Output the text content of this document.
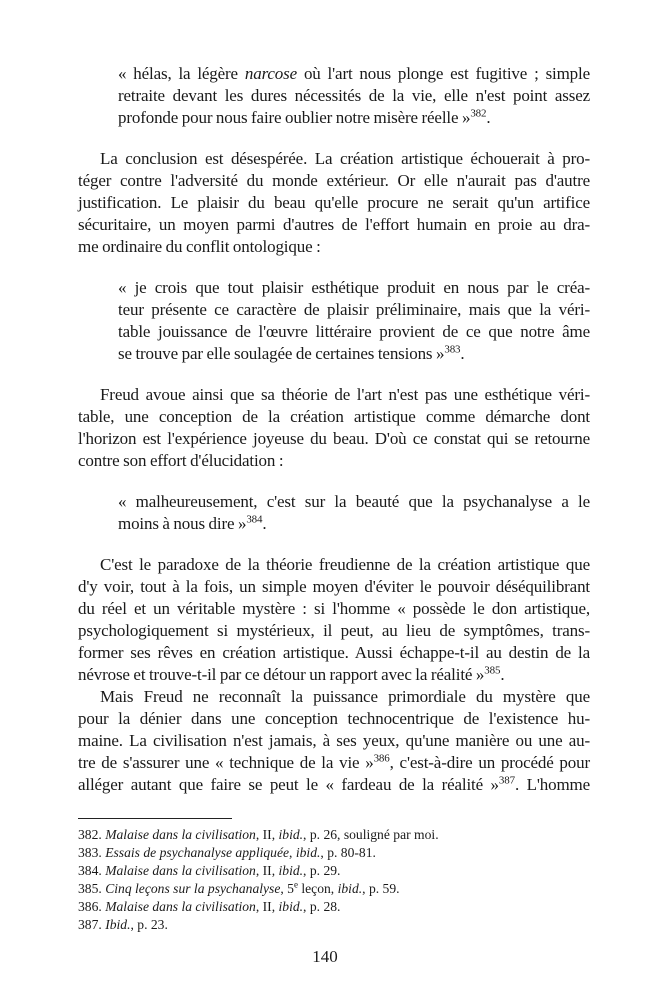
« hélas, la légère narcose où l'art nous plonge est fugitive ; simple
retraite devant les dures nécessités de la vie, elle n'est point assez
profonde pour nous faire oublier notre misère réelle »$^{382}$.
La conclusion est désespérée. La création artistique échouerait à pro-
téger contre l'adversité du monde extérieur. Or elle n'aurait pas d'autre
justification. Le plaisir du beau qu'elle procure ne serait qu'un artifice
sécuritaire, un moyen parmi d'autres de l'effort humain en proie au dra-
me ordinaire du conflit ontologique :
« je crois que tout plaisir esthétique produit en nous par le créa-
teur présente ce caractère de plaisir préliminaire, mais que la véri-
table jouissance de l'œuvre littéraire provient de ce que notre âme
se trouve par elle soulagée de certaines tensions »$^{383}$.
Freud avoue ainsi que sa théorie de l'art n'est pas une esthétique véri-
table, une conception de la création artistique comme démarche dont
l'horizon est l'expérience joyeuse du beau. D'où ce constat qui se retourne
contre son effort d'élucidation :
« malheureusement, c'est sur la beauté que la psychanalyse a le
moins à nous dire »$^{384}$.
C'est le paradoxe de la théorie freudienne de la création artistique que
d'y voir, tout à la fois, un simple moyen d'éviter le pouvoir déséquilibrant
du réel et un véritable mystère : si l'homme « possède le don artistique,
psychologiquement si mystérieux, il peut, au lieu de symptômes, trans-
former ses rêves en création artistique. Aussi échappe-t-il au destin de la
névrose et trouve-t-il par ce détour un rapport avec la réalité »$^{385}$.
Mais Freud ne reconnaît la puissance primordiale du mystère que
pour la dénier dans une conception technocentrique de l'existence hu-
maine. La civilisation n'est jamais, à ses yeux, qu'une manière ou une au-
tre de s'assurer une « technique de la vie »$^{386}$, c'est-à-dire un procédé pour
alléger autant que faire se peut le « fardeau de la réalité »$^{387}$. L'homme
382. Malaise dans la civilisation, II, ibid., p. 26, souligné par moi.
383. Essais de psychanalyse appliquée, ibid., p. 80-81.
384. Malaise dans la civilisation, II, ibid., p. 29.
385. Cinq leçons sur la psychanalyse, 5e leçon, ibid., p. 59.
386. Malaise dans la civilisation, II, ibid., p. 28.
387. Ibid., p. 23.
140
